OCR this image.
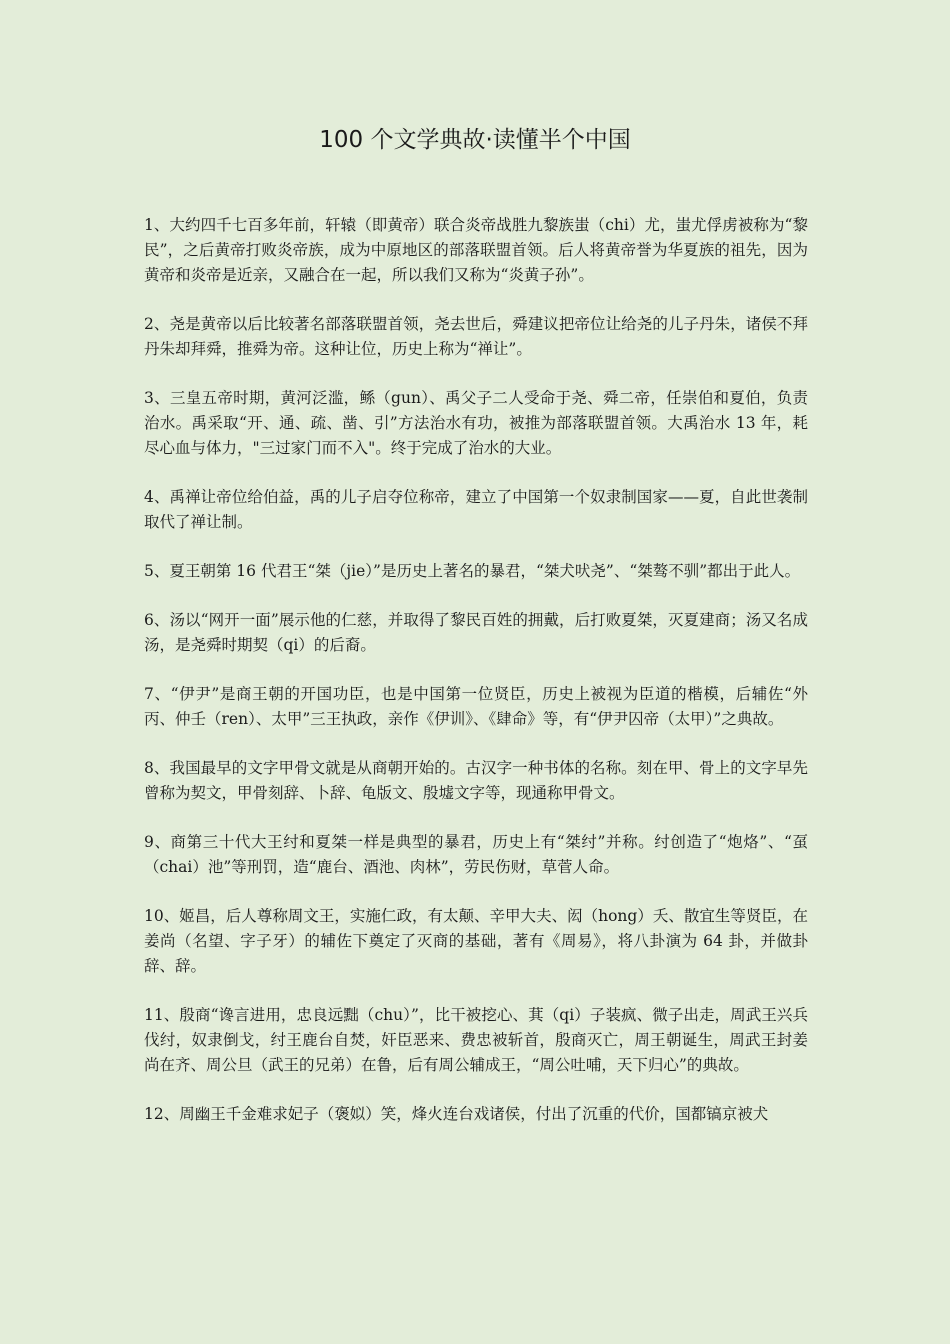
100 个文学典故·读懂半个中国

1、大约四千七百多年前，轩辕（即黄帝）联合炎帝战胜九黎族蚩（chi）尤，蚩尤俘虏被称为“黎民”，之后黄帝打败炎帝族，成为中原地区的部落联盟首领。后人将黄帝誉为华夏族的祖先，因为黄帝和炎帝是近亲，又融合在一起，所以我们又称为“炎黄子孙”。

2、尧是黄帝以后比较著名部落联盟首领，尧去世后，舜建议把帝位让给尧的儿子丹朱，诸侯不拜丹朱却拜舜，推舜为帝。这种让位，历史上称为“禅让”。

3、三皇五帝时期，黄河泛滥，鲧（gun）、禹父子二人受命于尧、舜二帝，任崇伯和夏伯，负责治水。禹采取“开、通、疏、凿、引”方法治水有功，被推为部落联盟首领。大禹治水 13 年，耗尽心血与体力，"三过家门而不入"。终于完成了治水的大业。

4、禹禅让帝位给伯益，禹的儿子启夺位称帝，建立了中国第一个奴隶制国家——夏，自此世袭制取代了禅让制。

5、夏王朝第 16 代君王“桀（jie）”是历史上著名的暴君，“桀犬吠尧”、“桀骜不驯”都出于此人。

6、汤以“网开一面”展示他的仁慈，并取得了黎民百姓的拥戴，后打败夏桀，灭夏建商；汤又名成汤，是尧舜时期契（qi）的后裔。

7、“伊尹”是商王朝的开国功臣，也是中国第一位贤臣，历史上被视为臣道的楷模，后辅佐“外丙、仲壬（ren）、太甲”三王执政，亲作《伊训》、《肆命》等，有“伊尹囚帝（太甲）”之典故。

8、我国最早的文字甲骨文就是从商朝开始的。古汉字一种书体的名称。刻在甲、骨上的文字早先曾称为契文，甲骨刻辞、卜辞、龟版文、殷墟文字等，现通称甲骨文。

9、商第三十代大王纣和夏桀一样是典型的暴君，历史上有“桀纣”并称。纣创造了“炮烙”、“虿（chai）池”等刑罚，造“鹿台、酒池、肉林”，劳民伤财，草菅人命。

10、姬昌，后人尊称周文王，实施仁政，有太颠、辛甲大夫、闳（hong）夭、散宜生等贤臣，在姜尚（名望、字子牙）的辅佐下奠定了灭商的基础，著有《周易》，将八卦演为 64 卦，并做卦辞、辞。

11、殷商“谗言进用，忠良远黜（chu）”，比干被挖心、萁（qi）子装疯、微子出走，周武王兴兵伐纣，奴隶倒戈，纣王鹿台自焚，奸臣恶来、费忠被斩首，殷商灭亡，周王朝诞生，周武王封姜尚在齐、周公旦（武王的兄弟）在鲁，后有周公辅成王，“周公吐哺，天下归心”的典故。

12、周幽王千金难求妃子（褒姒）笑，烽火连台戏诸侯，付出了沉重的代价，国都镐京被犬
